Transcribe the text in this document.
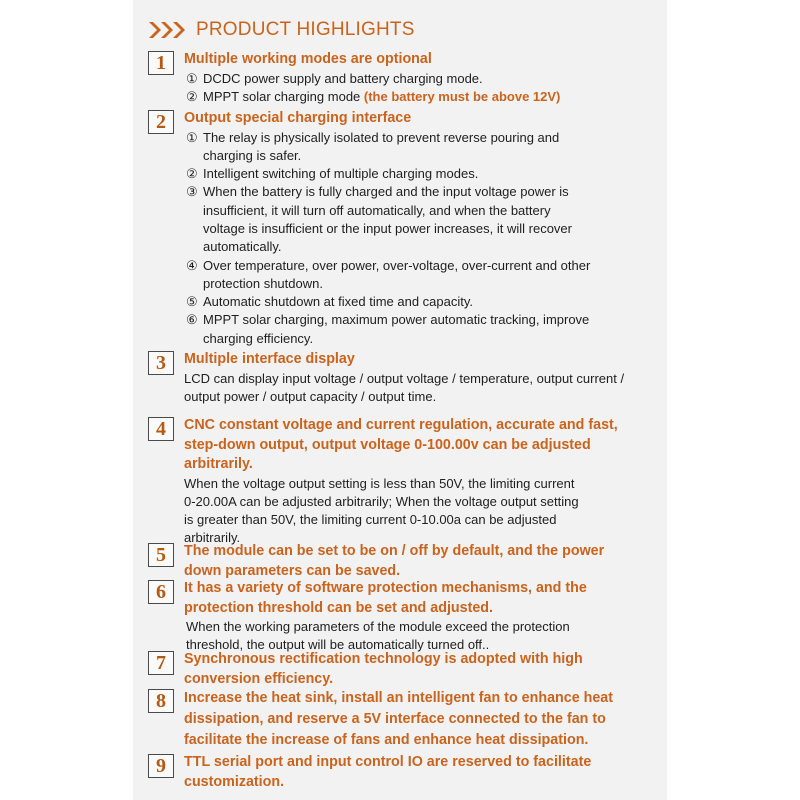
PRODUCT HIGHLIGHTS
1	Multiple working modes are optional
① DCDC power supply and battery charging mode.
② MPPT solar charging mode (the battery must be above 12V)
2	Output special charging interface
① The relay is physically isolated to prevent reverse pouring and
charging is safer.
② Intelligent switching of multiple charging modes.
③ When the battery is fully charged and the input voltage power is
insufficient, it will turn off automatically, and when the battery
voltage is insufficient or the input power increases, it will recover
automatically.
④ Over temperature, over power, over-voltage, over-current and other
protection shutdown.
⑤ Automatic shutdown at fixed time and capacity.
⑥ MPPT solar charging, maximum power automatic tracking, improve
charging efficiency.
3	Multiple interface display
LCD can display input voltage / output voltage / temperature, output current /
output power / output capacity / output time.
4	CNC constant voltage and current regulation, accurate and fast,
step-down output, output voltage 0-100.00v can be adjusted
arbitrarily.
When the voltage output setting is less than 50V, the limiting current
0-20.00A can be adjusted arbitrarily; When the voltage output setting
is greater than 50V, the limiting current 0-10.00a can be adjusted
arbitrarily.
5	The module can be set to be on / off by default, and the power
down parameters can be saved.
6	It has a variety of software protection mechanisms, and the
protection threshold can be set and adjusted.
When the working parameters of the module exceed the protection
threshold, the output will be automatically turned off..
7	Synchronous rectification technology is adopted with high
conversion efficiency.
8	Increase the heat sink, install an intelligent fan to enhance heat
dissipation, and reserve a 5V interface connected to the fan to
facilitate the increase of fans and enhance heat dissipation.
9	TTL serial port and input control IO are reserved to facilitate
customization.
